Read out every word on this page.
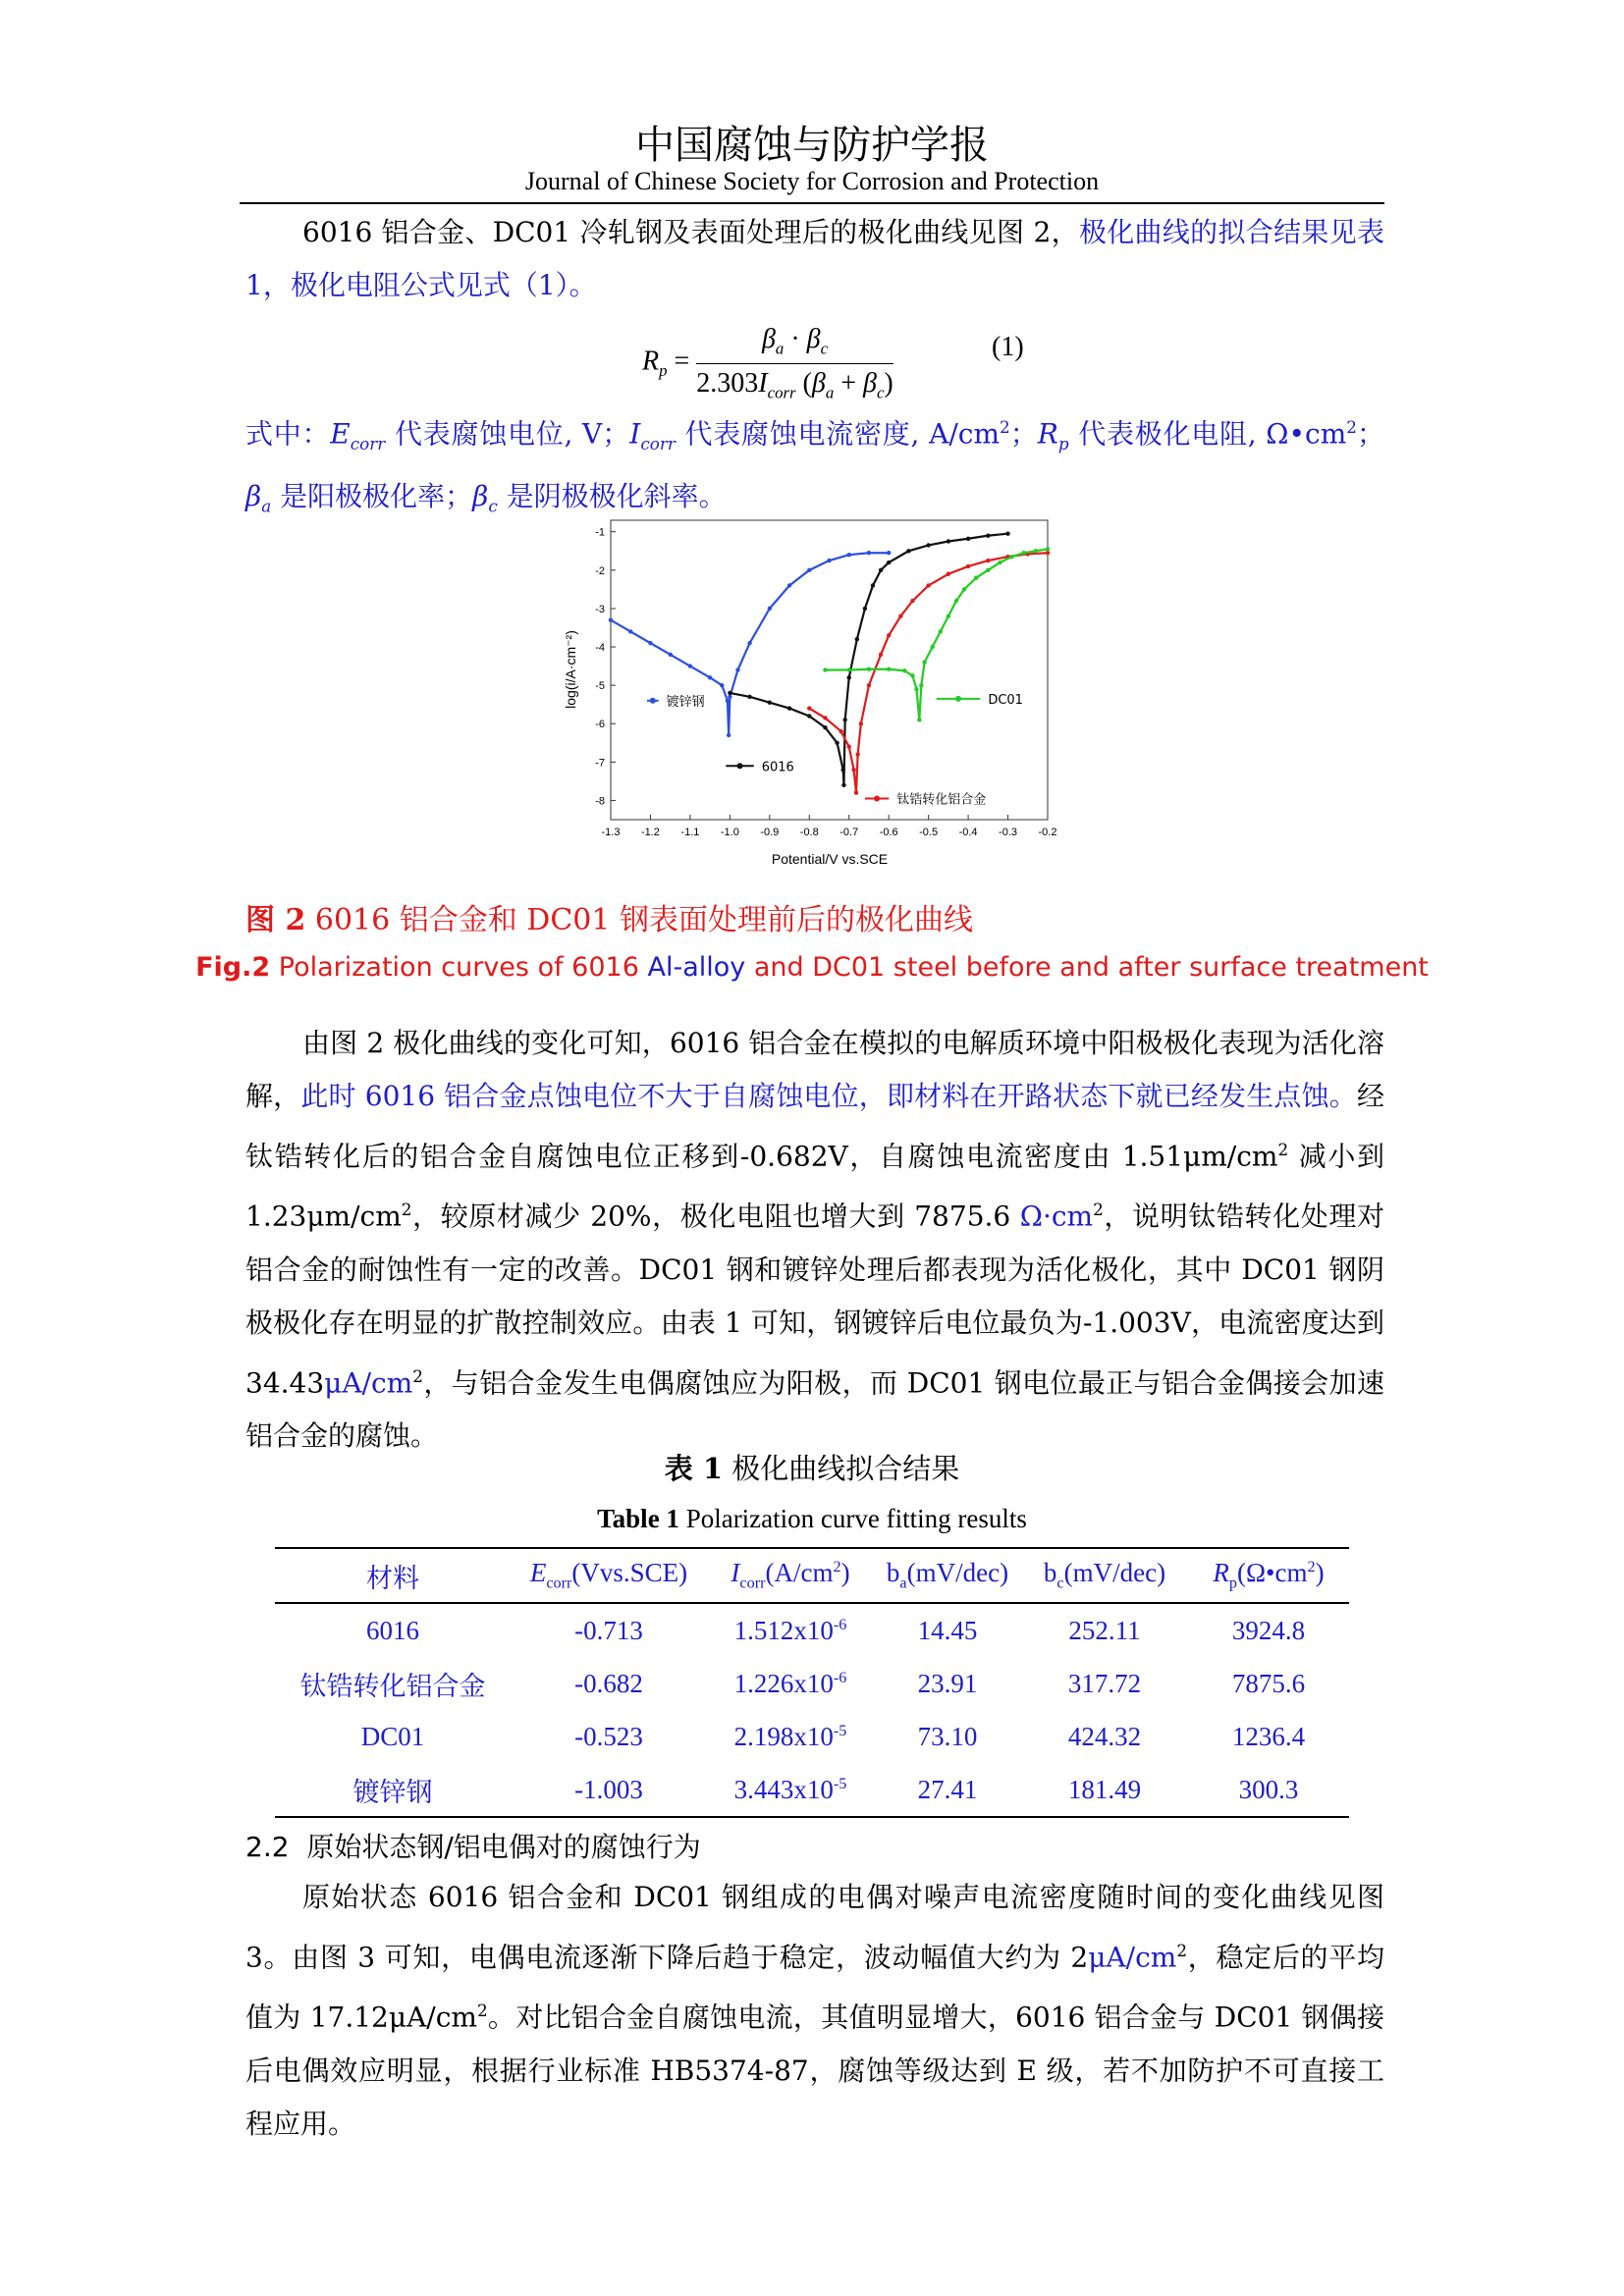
中国腐蚀与防护学报
Journal of Chinese Society for Corrosion and Protection

6016 铝合金、DC01 冷轧钢及表面处理后的极化曲线见图 2，极化曲线的拟合结果见表 1，极化电阻公式见式（1）。

$R_p = \frac{\beta_a \cdot \beta_c}{2.303I_{corr} (\beta_a + \beta_c)}$	(1)

式中：$E_{corr}$ 代表腐蚀电位, V；$I_{corr}$ 代表腐蚀电流密度, $A/cm^2$；$R_p$ 代表极化电阻, $\Omega•cm^2$；$\beta_a$ 是阳极极化率；$\beta_c$ 是阴极极化斜率。

-1.3 -1.2 -1.1 -1.0 -0.9 -0.8 -0.7 -0.6 -0.5 -0.4 -0.3 -0.2
-1
-2
-3
-4
-5
-6
-7
-8
镀锌钢
6016
钛锆转化铝合金
DC01
Potential/V vs.SCE
log(i/A·cm⁻²)
图 2 6016 铝合金和 DC01 钢表面处理前后的极化曲线
Fig.2 Polarization curves of 6016 Al-alloy and DC01 steel before and after surface treatment

由图 2 极化曲线的变化可知，6016 铝合金在模拟的电解质环境中阳极极化表现为活化溶解，此时 6016 铝合金点蚀电位不大于自腐蚀电位，即材料在开路状态下就已经发生点蚀。经钛锆转化后的铝合金自腐蚀电位正移到-0.682V，自腐蚀电流密度由 $1.51\mu m/cm^2$ 减小到 $1.23\mu m/cm^2$，较原材减少 20%，极化电阻也增大到 7875.6 $\Omega\cdot cm^2$，说明钛锆转化处理对铝合金的耐蚀性有一定的改善。DC01 钢和镀锌处理后都表现为活化极化，其中 DC01 钢阴极极化存在明显的扩散控制效应。由表 1 可知，钢镀锌后电位最负为-1.003V，电流密度达到 $34.43\mu A/cm^2$，与铝合金发生电偶腐蚀应为阳极，而 DC01 钢电位最正与铝合金偶接会加速铝合金的腐蚀。

表 1 极化曲线拟合结果
Table 1 Polarization curve fitting results
材料	$E_{corr}(Vvs.SCE)$	$I_{corr}(A/cm^2)$	$b_a(mV/dec)$	$b_c(mV/dec)$	$R_p(\Omega•cm^2)$
6016	-0.713	$1.512x10^{-6}$	14.45	252.11	3924.8
钛锆转化铝合金	-0.682	$1.226x10^{-6}$	23.91	317.72	7875.6
DC01	-0.523	$2.198x10^{-5}$	73.10	424.32	1236.4
镀锌钢	-1.003	$3.443x10^{-5}$	27.41	181.49	300.3
2.2 原始状态钢/铝电偶对的腐蚀行为

原始状态 6016 铝合金和 DC01 钢组成的电偶对噪声电流密度随时间的变化曲线见图 3。由图 3 可知，电偶电流逐渐下降后趋于稳定，波动幅值大约为 $2\mu A/cm^2$，稳定后的平均值为 $17.12\mu A/cm^2$。对比铝合金自腐蚀电流，其值明显增大，6016 铝合金与 DC01 钢偶接后电偶效应明显，根据行业标准 HB5374-87，腐蚀等级达到 E 级，若不加防护不可直接工程应用。
